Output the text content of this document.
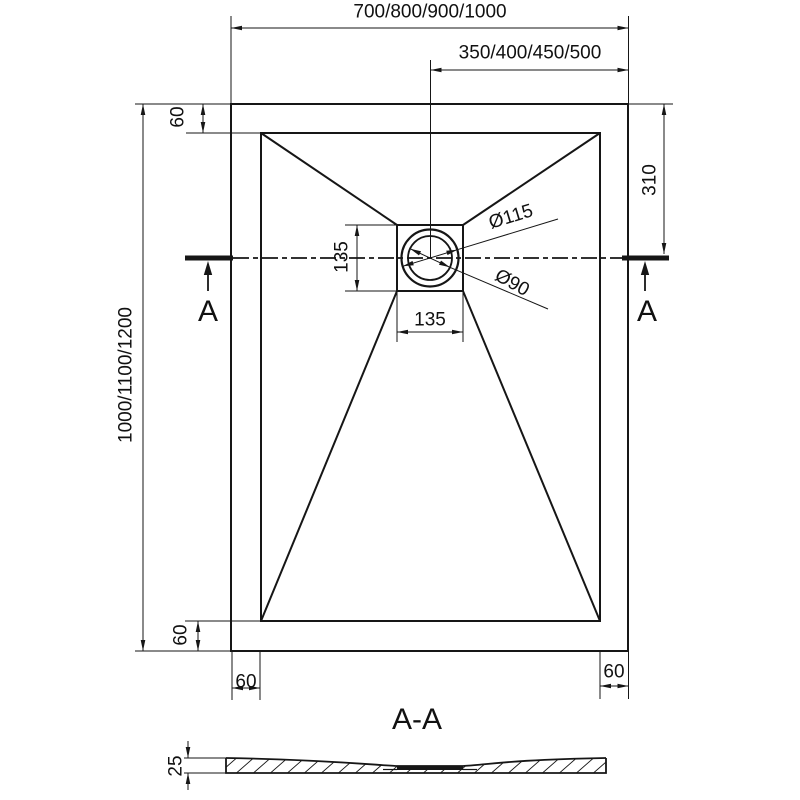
700/800/900/1000
350/400/450/500
1000/1100/1200
310
60
135
135
Ø115
Ø90
60
60	60
A	A
A-A
25
